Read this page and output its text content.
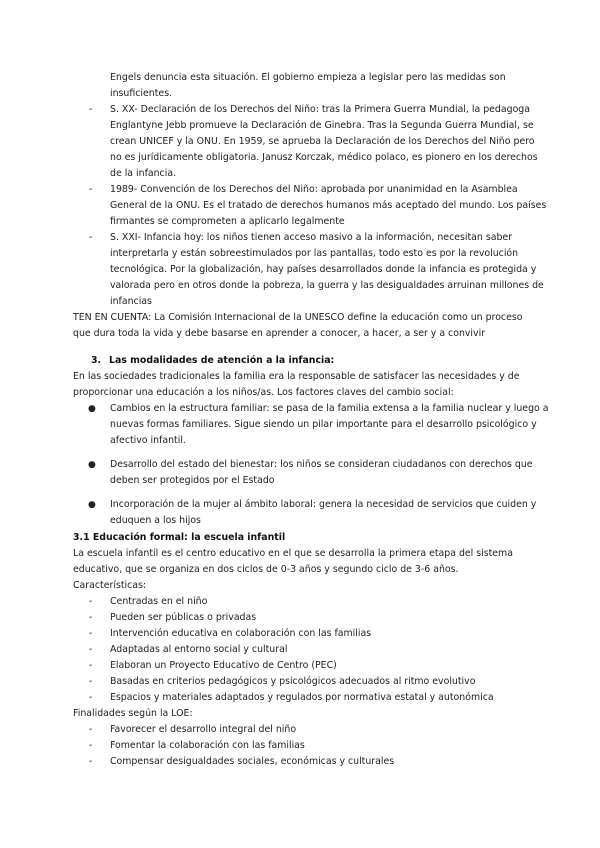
Engels denuncia esta situación. El gobierno empieza a legislar pero las medidas son
insuficientes.
- S. XX- Declaración de los Derechos del Niño: tras la Primera Guerra Mundial, la pedagoga
Englantyne Jebb promueve la Declaración de Ginebra. Tras la Segunda Guerra Mundial, se
crean UNICEF y la ONU. En 1959, se aprueba la Declaración de los Derechos del Niño pero
no es jurídicamente obligatoria. Janusz Korczak, médico polaco, es pionero en los derechos
de la infancia.
- 1989- Convención de los Derechos del Niño: aprobada por unanimidad en la Asamblea
General de la ONU. Es el tratado de derechos humanos más aceptado del mundo. Los países
firmantes se comprometen a aplicarlo legalmente
- S. XXI- Infancia hoy: los niños tienen acceso masivo a la información, necesitan saber
interpretarla y están sobreestimulados por las pantallas, todo esto es por la revolución
tecnológica. Por la globalización, hay países desarrollados donde la infancia es protegida y
valorada pero en otros donde la pobreza, la guerra y las desigualdades arruinan millones de
infancias
TEN EN CUENTA: La Comisión Internacional de la UNESCO define la educación como un proceso
que dura toda la vida y debe basarse en aprender a conocer, a hacer, a ser y a convivir
3. Las modalidades de atención a la infancia:
En las sociedades tradicionales la familia era la responsable de satisfacer las necesidades y de
proporcionar una educación a los niños/as. Los factores claves del cambio social:
● Cambios en la estructura familiar: se pasa de la familia extensa a la familia nuclear y luego a
nuevas formas familiares. Sigue siendo un pilar importante para el desarrollo psicológico y
afectivo infantil.
● Desarrollo del estado del bienestar: los niños se consideran ciudadanos con derechos que
deben ser protegidos por el Estado
● Incorporación de la mujer al ámbito laboral: genera la necesidad de servicios que cuiden y
eduquen a los hijos
3.1 Educación formal: la escuela infantil
La escuela infantil es el centro educativo en el que se desarrolla la primera etapa del sistema
educativo, que se organiza en dos ciclos de 0-3 años y segundo ciclo de 3-6 años.
Características:
- Centradas en el niño
- Pueden ser públicas o privadas
- Intervención educativa en colaboración con las familias
- Adaptadas al entorno social y cultural
- Elaboran un Proyecto Educativo de Centro (PEC)
- Basadas en criterios pedagógicos y psicológicos adecuados al ritmo evolutivo
- Espacios y materiales adaptados y regulados por normativa estatal y autonómica
Finalidades según la LOE:
- Favorecer el desarrollo integral del niño
- Fomentar la colaboración con las familias
- Compensar desigualdades sociales, económicas y culturales
